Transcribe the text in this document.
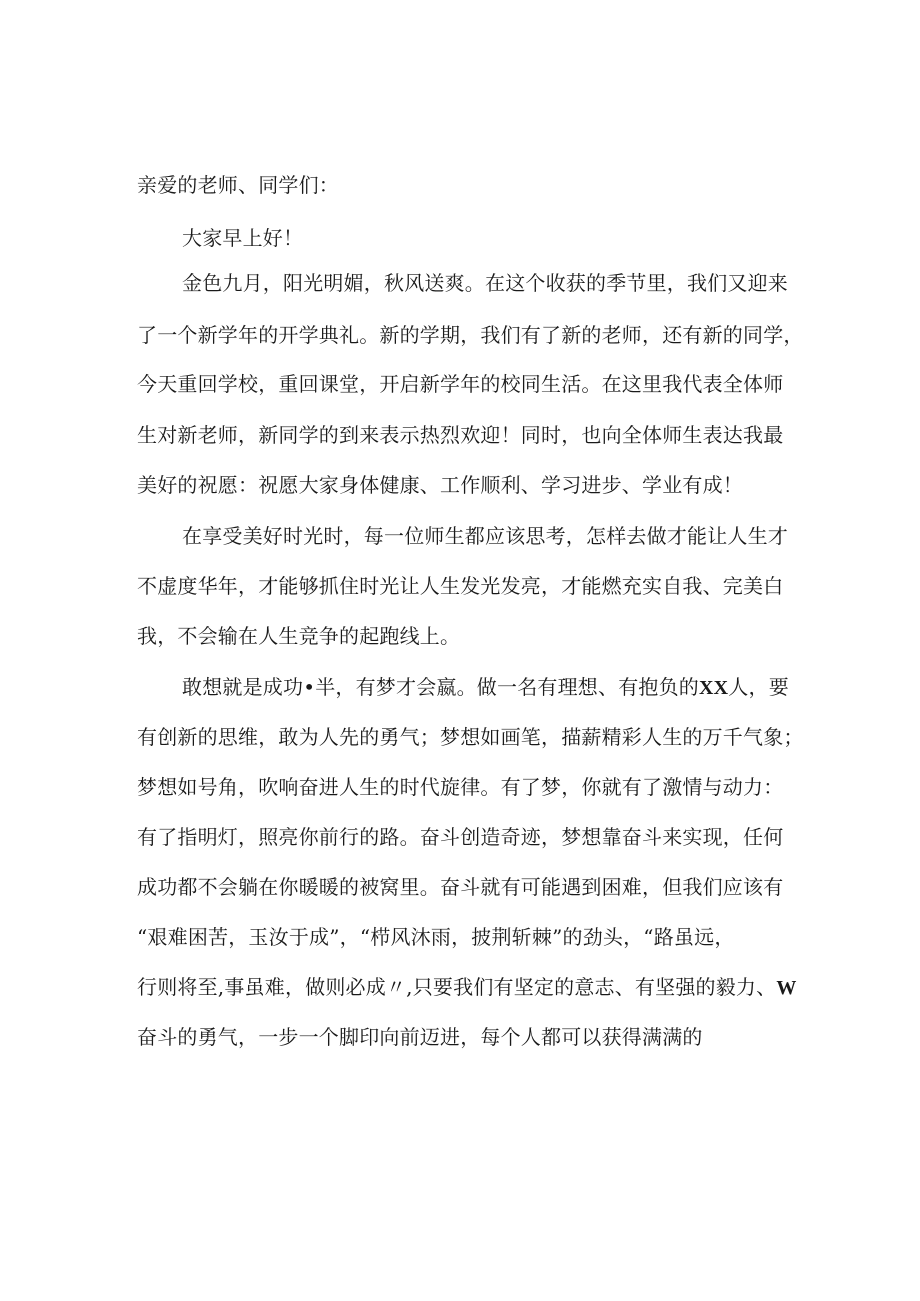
亲爱的老师、同学们：
大家早上好！
金色九月，阳光明媚，秋风送爽。在这个收获的季节里，我们又迎来
了一个新学年的开学典礼。新的学期，我们有了新的老师，还有新的同学，
今天重回学校，重回课堂，开启新学年的校同生活。在这里我代表全体师
生对新老师，新同学的到来表示热烈欢迎！同时，也向全体师生表达我最
美好的祝愿：祝愿大家身体健康、工作顺利、学习进步、学业有成！
在享受美好时光时，每一位师生都应该思考，怎样去做才能让人生才
不虚度华年，才能够抓住时光让人生发光发亮，才能燃充实自我、完美白
我，不会输在人生竞争的起跑线上。
敢想就是成功•半，有梦才会嬴。做一名有理想、有抱负的XX人，要
有创新的思维，敢为人先的勇气；梦想如画笔，描薪精彩人生的万千气象；
梦想如号角，吹响奋进人生的时代旋律。有了梦，你就有了激情与动力：
有了指明灯，照亮你前行的路。奋斗创造奇迹，梦想靠奋斗来实现，任何
成功都不会躺在你暖暖的被窝里。奋斗就有可能遇到困难，但我们应该有
“艰难困苦，玉汝于成”，“栉风沐雨，披荆斩棘”的劲头，“路虽远，
行则将至,事虽难，做则必成〃,只要我们有坚定的意志、有坚强的毅力、W
奋斗的勇气，一步一个脚印向前迈进，每个人都可以获得满满的
